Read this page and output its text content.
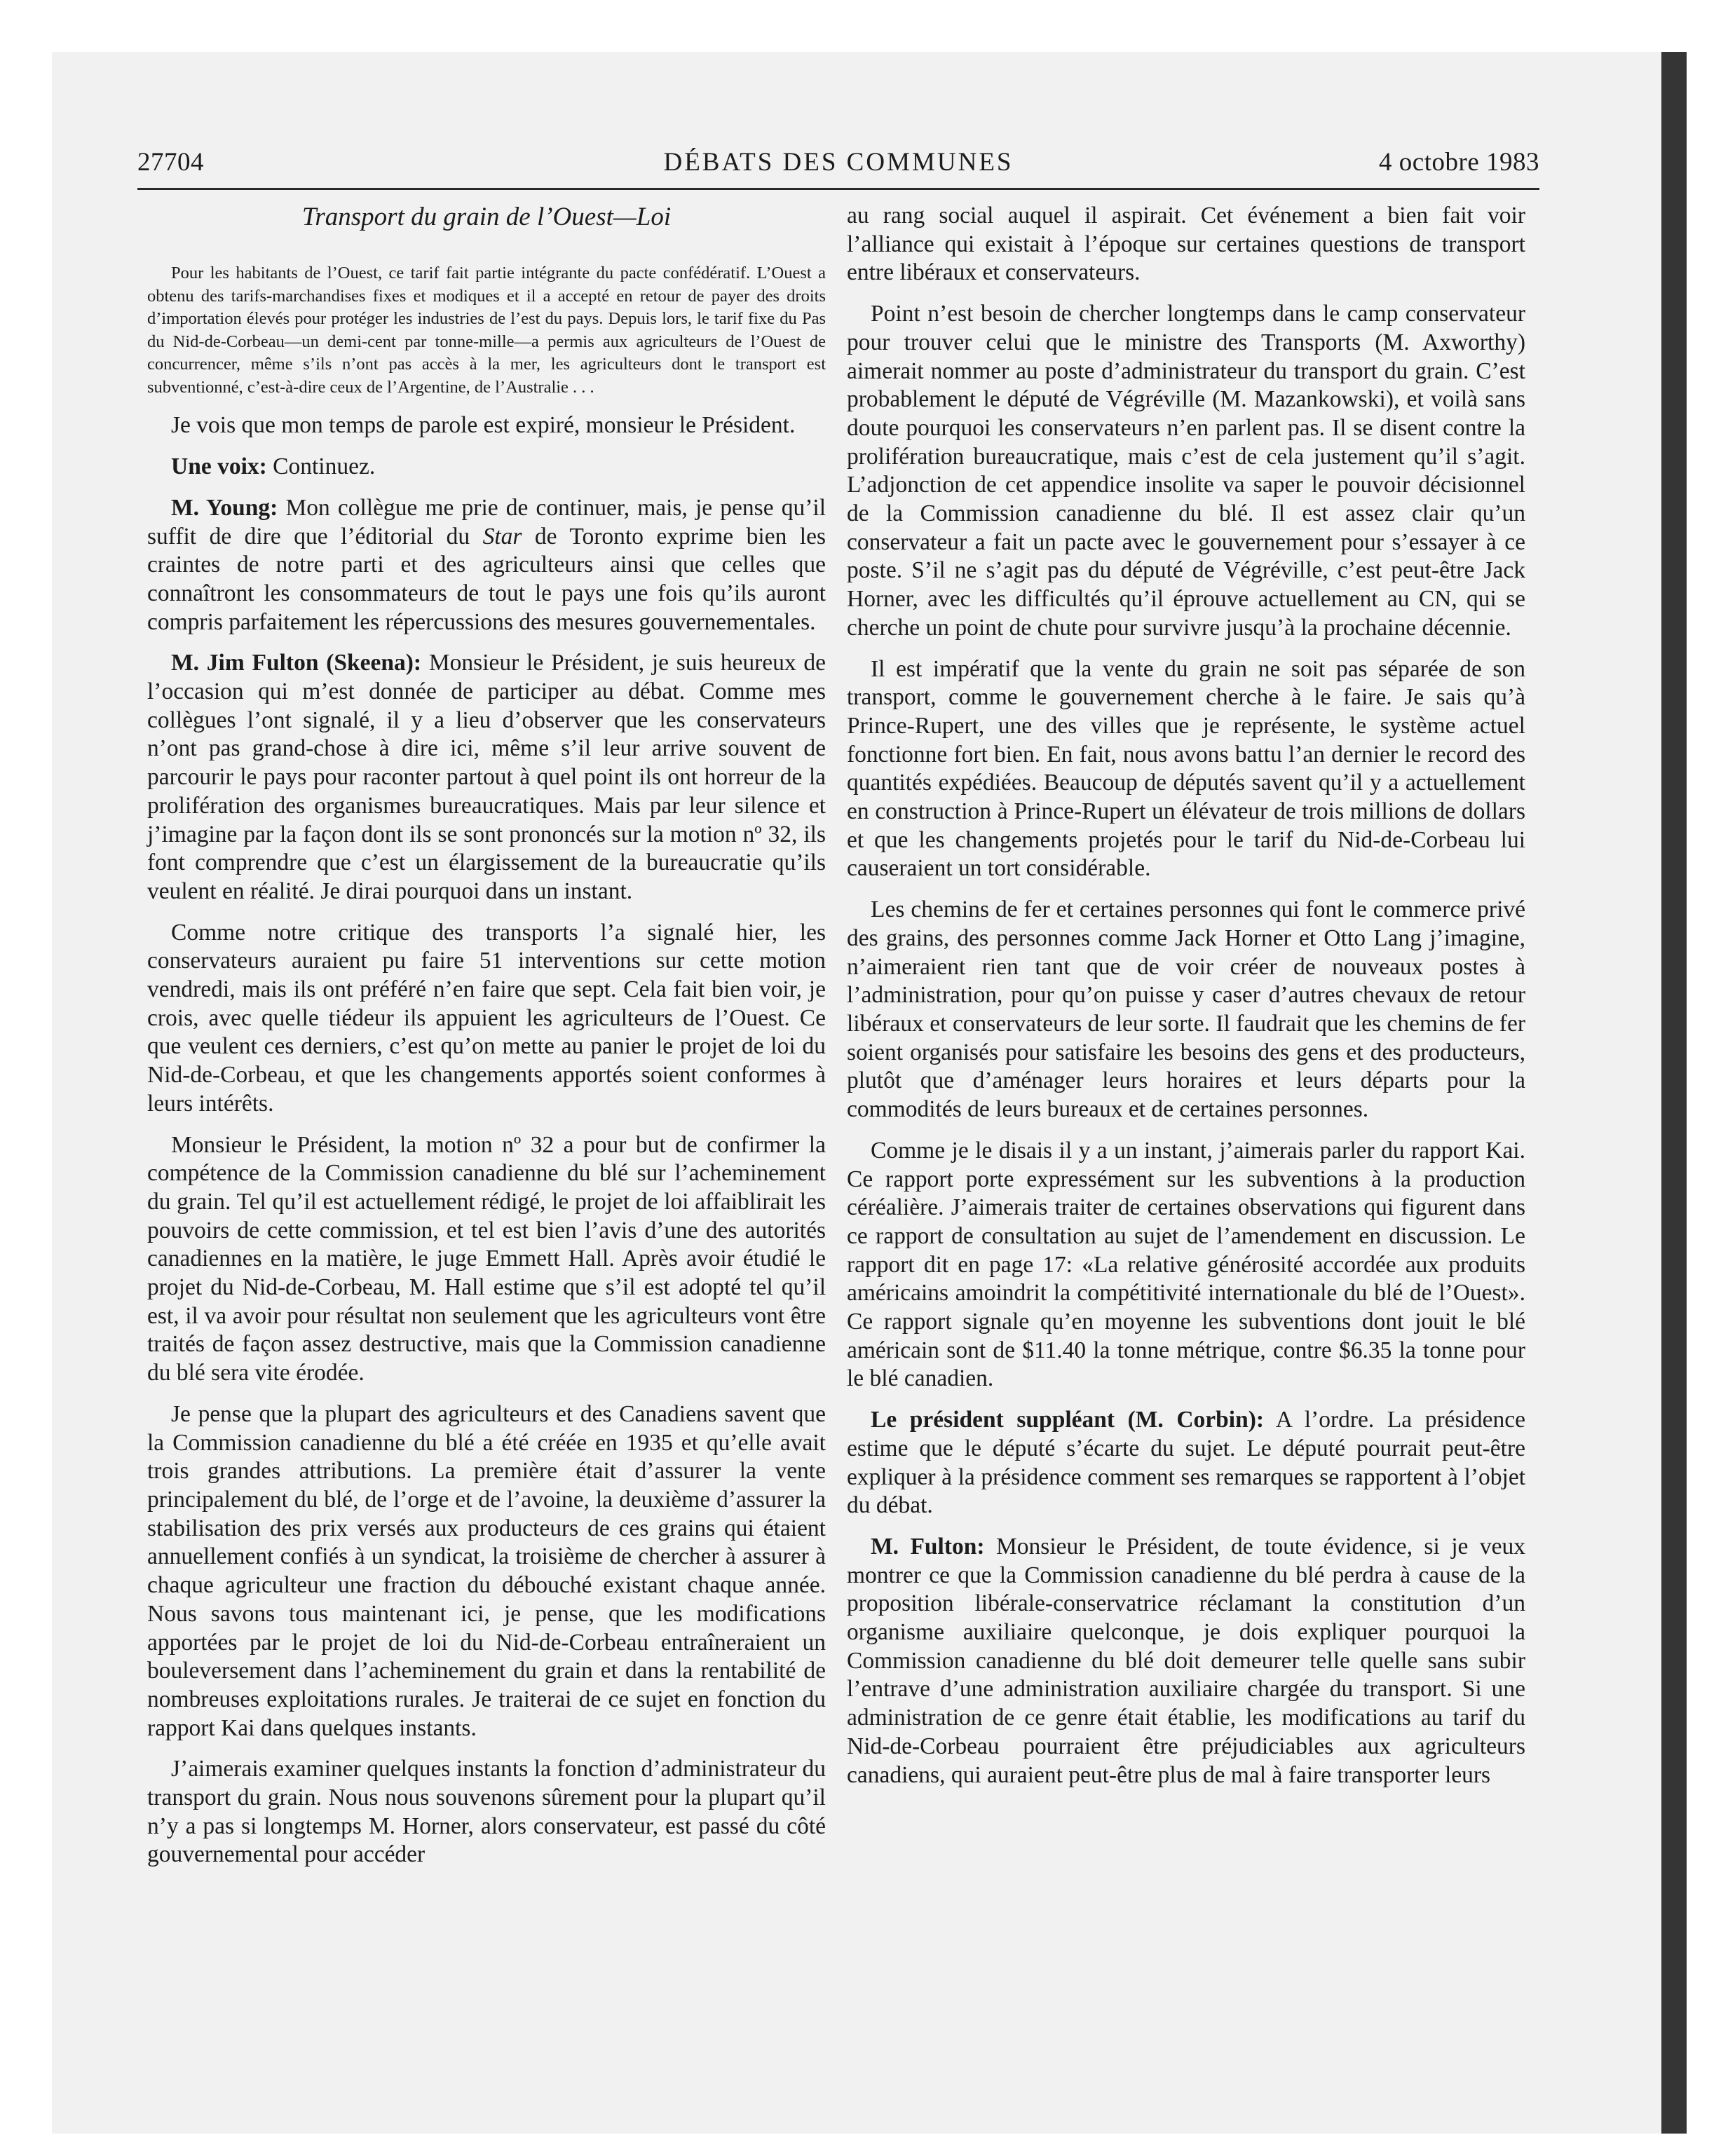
27704	DÉBATS DES COMMUNES	4 octobre 1983
Transport du grain de l’Ouest—Loi

Pour les habitants de l’Ouest, ce tarif fait partie intégrante du pacte confédératif. L’Ouest a obtenu des tarifs-marchandises fixes et modiques et il a accepté en retour de payer des droits d’importation élevés pour protéger les industries de l’est du pays. Depuis lors, le tarif fixe du Pas du Nid-de-Corbeau—un demi-cent par tonne-mille—a permis aux agriculteurs de l’Ouest de concurrencer, même s’ils n’ont pas accès à la mer, les agriculteurs dont le transport est subventionné, c’est-à-dire ceux de l’Argentine, de l’Australie . . .

Je vois que mon temps de parole est expiré, monsieur le Président.

Une voix: Continuez.

M. Young: Mon collègue me prie de continuer, mais, je pense qu’il suffit de dire que l’éditorial du Star de Toronto exprime bien les craintes de notre parti et des agriculteurs ainsi que celles que connaîtront les consommateurs de tout le pays une fois qu’ils auront compris parfaitement les répercussions des mesures gouvernementales.

M. Jim Fulton (Skeena): Monsieur le Président, je suis heureux de l’occasion qui m’est donnée de participer au débat. Comme mes collègues l’ont signalé, il y a lieu d’observer que les conservateurs n’ont pas grand-chose à dire ici, même s’il leur arrive souvent de parcourir le pays pour raconter partout à quel point ils ont horreur de la prolifération des organismes bureaucratiques. Mais par leur silence et j’imagine par la façon dont ils se sont prononcés sur la motion nº 32, ils font comprendre que c’est un élargissement de la bureaucratie qu’ils veulent en réalité. Je dirai pourquoi dans un instant.

Comme notre critique des transports l’a signalé hier, les conservateurs auraient pu faire 51 interventions sur cette motion vendredi, mais ils ont préféré n’en faire que sept. Cela fait bien voir, je crois, avec quelle tiédeur ils appuient les agriculteurs de l’Ouest. Ce que veulent ces derniers, c’est qu’on mette au panier le projet de loi du Nid-de-Corbeau, et que les changements apportés soient conformes à leurs intérêts.

Monsieur le Président, la motion nº 32 a pour but de confirmer la compétence de la Commission canadienne du blé sur l’acheminement du grain. Tel qu’il est actuellement rédigé, le projet de loi affaiblirait les pouvoirs de cette commission, et tel est bien l’avis d’une des autorités canadiennes en la matière, le juge Emmett Hall. Après avoir étudié le projet du Nid-de-Corbeau, M. Hall estime que s’il est adopté tel qu’il est, il va avoir pour résultat non seulement que les agriculteurs vont être traités de façon assez destructive, mais que la Commission canadienne du blé sera vite érodée.

Je pense que la plupart des agriculteurs et des Canadiens savent que la Commission canadienne du blé a été créée en 1935 et qu’elle avait trois grandes attributions. La première était d’assurer la vente principalement du blé, de l’orge et de l’avoine, la deuxième d’assurer la stabilisation des prix versés aux producteurs de ces grains qui étaient annuellement confiés à un syndicat, la troisième de chercher à assurer à chaque agriculteur une fraction du débouché existant chaque année. Nous savons tous maintenant ici, je pense, que les modifications apportées par le projet de loi du Nid-de-Corbeau entraîneraient un bouleversement dans l’acheminement du grain et dans la rentabilité de nombreuses exploitations rurales. Je traiterai de ce sujet en fonction du rapport Kai dans quelques instants.

J’aimerais examiner quelques instants la fonction d’administrateur du transport du grain. Nous nous souvenons sûrement pour la plupart qu’il n’y a pas si longtemps M. Horner, alors conservateur, est passé du côté gouvernemental pour accéder

au rang social auquel il aspirait. Cet événement a bien fait voir l’alliance qui existait à l’époque sur certaines questions de transport entre libéraux et conservateurs.

Point n’est besoin de chercher longtemps dans le camp conservateur pour trouver celui que le ministre des Transports (M. Axworthy) aimerait nommer au poste d’administrateur du transport du grain. C’est probablement le député de Végréville (M. Mazankowski), et voilà sans doute pourquoi les conservateurs n’en parlent pas. Il se disent contre la prolifération bureaucratique, mais c’est de cela justement qu’il s’agit. L’adjonction de cet appendice insolite va saper le pouvoir décisionnel de la Commission canadienne du blé. Il est assez clair qu’un conservateur a fait un pacte avec le gouvernement pour s’essayer à ce poste. S’il ne s’agit pas du député de Végréville, c’est peut-être Jack Horner, avec les difficultés qu’il éprouve actuellement au CN, qui se cherche un point de chute pour survivre jusqu’à la prochaine décennie.

Il est impératif que la vente du grain ne soit pas séparée de son transport, comme le gouvernement cherche à le faire. Je sais qu’à Prince-Rupert, une des villes que je représente, le système actuel fonctionne fort bien. En fait, nous avons battu l’an dernier le record des quantités expédiées. Beaucoup de députés savent qu’il y a actuellement en construction à Prince-Rupert un élévateur de trois millions de dollars et que les changements projetés pour le tarif du Nid-de-Corbeau lui causeraient un tort considérable.

Les chemins de fer et certaines personnes qui font le commerce privé des grains, des personnes comme Jack Horner et Otto Lang j’imagine, n’aimeraient rien tant que de voir créer de nouveaux postes à l’administration, pour qu’on puisse y caser d’autres chevaux de retour libéraux et conservateurs de leur sorte. Il faudrait que les chemins de fer soient organisés pour satisfaire les besoins des gens et des producteurs, plutôt que d’aménager leurs horaires et leurs départs pour la commodités de leurs bureaux et de certaines personnes.

Comme je le disais il y a un instant, j’aimerais parler du rapport Kai. Ce rapport porte expressément sur les subventions à la production céréalière. J’aimerais traiter de certaines observations qui figurent dans ce rapport de consultation au sujet de l’amendement en discussion. Le rapport dit en page 17: «La relative générosité accordée aux produits américains amoindrit la compétitivité internationale du blé de l’Ouest». Ce rapport signale qu’en moyenne les subventions dont jouit le blé américain sont de $11.40 la tonne métrique, contre $6.35 la tonne pour le blé canadien.

Le président suppléant (M. Corbin): A l’ordre. La présidence estime que le député s’écarte du sujet. Le député pourrait peut-être expliquer à la présidence comment ses remarques se rapportent à l’objet du débat.

M. Fulton: Monsieur le Président, de toute évidence, si je veux montrer ce que la Commission canadienne du blé perdra à cause de la proposition libérale-conservatrice réclamant la constitution d’un organisme auxiliaire quelconque, je dois expliquer pourquoi la Commission canadienne du blé doit demeurer telle quelle sans subir l’entrave d’une administration auxiliaire chargée du transport. Si une administration de ce genre était établie, les modifications au tarif du Nid-de-Corbeau pourraient être préjudiciables aux agriculteurs canadiens, qui auraient peut-être plus de mal à faire transporter leurs
